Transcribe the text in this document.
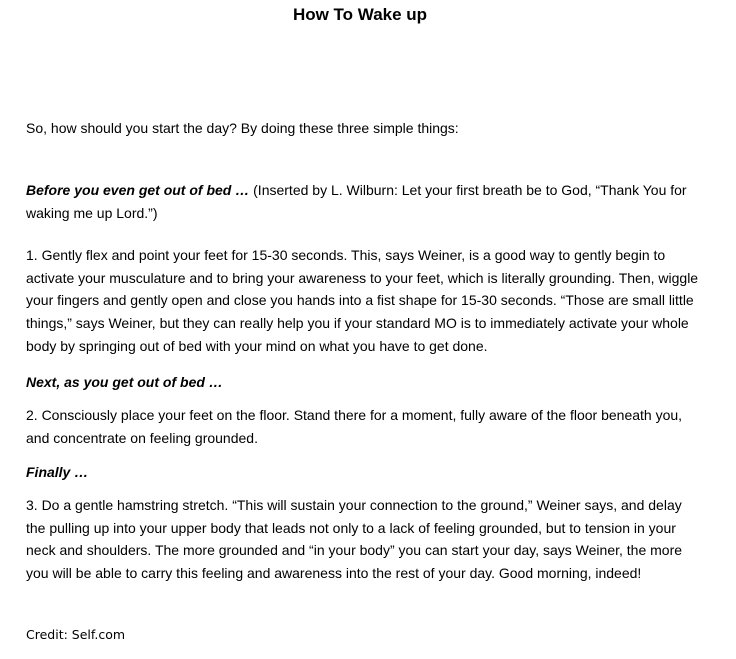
How To Wake up

So, how should you start the day? By doing these three simple things:

Before you even get out of bed … (Inserted by L. Wilburn: Let your first breath be to God, “Thank You for waking me up Lord.”)

1. Gently flex and point your feet for 15-30 seconds. This, says Weiner, is a good way to gently begin to activate your musculature and to bring your awareness to your feet, which is literally grounding. Then, wiggle your fingers and gently open and close you hands into a fist shape for 15-30 seconds. “Those are small little things,” says Weiner, but they can really help you if your standard MO is to immediately activate your whole body by springing out of bed with your mind on what you have to get done.

Next, as you get out of bed …

2. Consciously place your feet on the floor. Stand there for a moment, fully aware of the floor beneath you, and concentrate on feeling grounded.

Finally …

3. Do a gentle hamstring stretch. “This will sustain your connection to the ground,” Weiner says, and delay the pulling up into your upper body that leads not only to a lack of feeling grounded, but to tension in your neck and shoulders. The more grounded and “in your body” you can start your day, says Weiner, the more you will be able to carry this feeling and awareness into the rest of your day. Good morning, indeed!

Credit: Self.com
